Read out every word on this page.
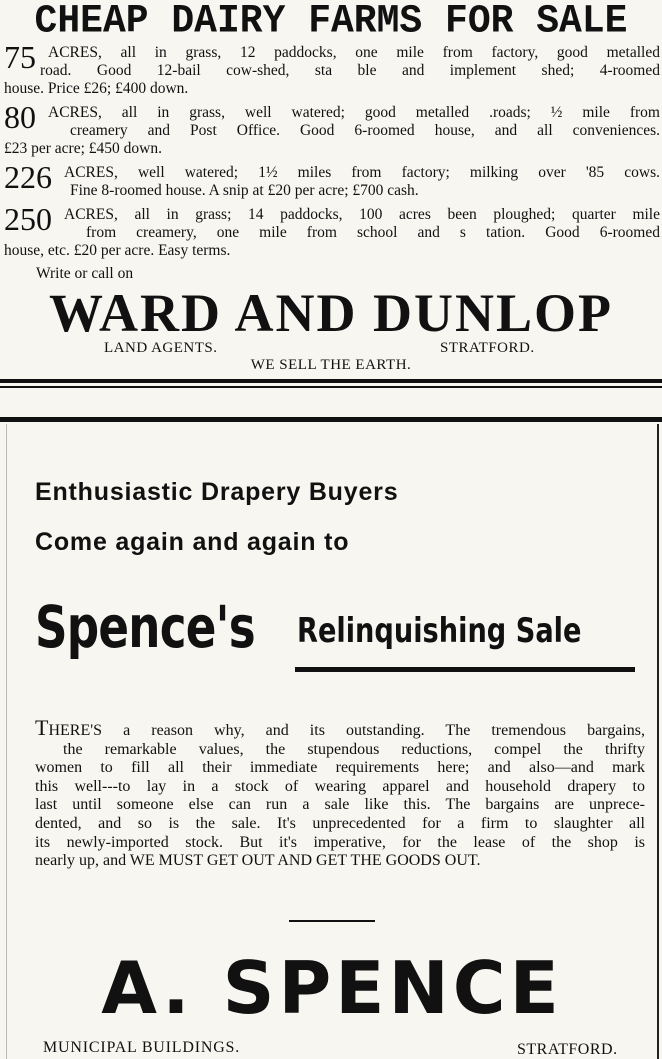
CHEAP DAIRY FARMS FOR SALE
75 ACRES, all in grass, 12 paddocks, one mile from factory, good metalled
road. Good 12-bail cow-shed, sta ble and implement shed; 4-roomed
house. Price £26; £400 down.
80 ACRES, all in grass, well watered; good metalled .roads; ½ mile from
creamery and Post Office. Good 6-roomed house, and all conveniences.
£23 per acre; £450 down.
226 ACRES, well watered; 1½ miles from factory; milking over '85 cows.
Fine 8-roomed house. A snip at £20 per acre; £700 cash.
250 ACRES, all in grass; 14 paddocks, 100 acres been ploughed; quarter mile
from creamery, one mile from school and s tation. Good 6-roomed
house, etc. £20 per acre. Easy terms.
Write or call on
WARD AND DUNLOP
LAND AGENTS.	STRATFORD.
WE SELL THE EARTH.
Enthusiastic Drapery Buyers
Come again and again to
Spence's Relinquishing Sale
THERE'S a reason why, and its outstanding. The tremendous bargains,
the remarkable values, the stupendous reductions, compel the thrifty
women to fill all their immediate requirements here; and also—and mark
this well---to lay in a stock of wearing apparel and household drapery to
last until someone else can run a sale like this. The bargains are unprece-
dented, and so is the sale. It's unprecedented for a firm to slaughter all
its newly-imported stock. But it's imperative, for the lease of the shop is
nearly up, and WE MUST GET OUT AND GET THE GOODS OUT.
A. SPENCE
MUNICIPAL BUILDINGS.	STRATFORD.
